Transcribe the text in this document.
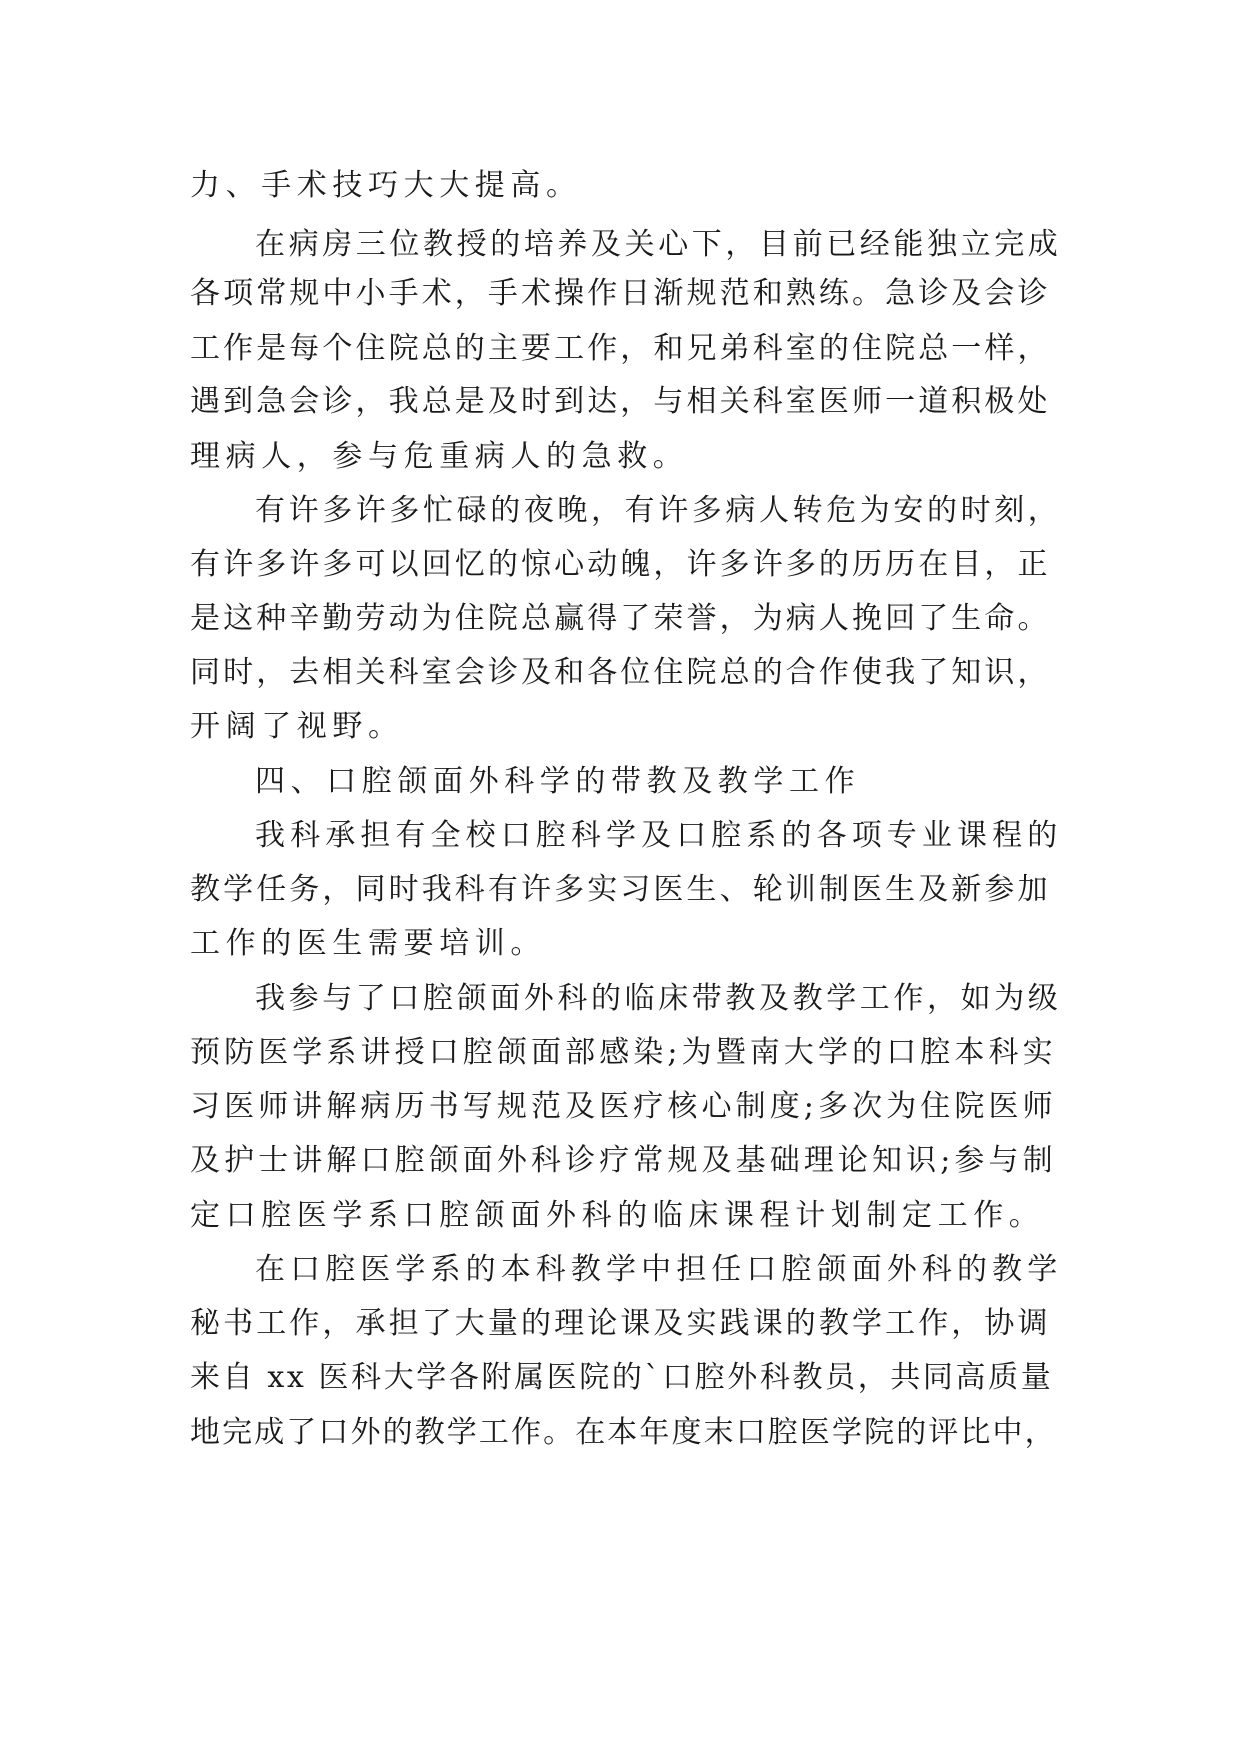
力、手术技巧大大提高。

在病房三位教授的培养及关心下，目前已经能独立完成

各项常规中小手术，手术操作日渐规范和熟练。急诊及会诊

工作是每个住院总的主要工作，和兄弟科室的住院总一样，

遇到急会诊，我总是及时到达，与相关科室医师一道积极处

理病人，参与危重病人的急救。

有许多许多忙碌的夜晚，有许多病人转危为安的时刻，

有许多许多可以回忆的惊心动魄，许多许多的历历在目，正

是这种辛勤劳动为住院总赢得了荣誉，为病人挽回了生命。

同时，去相关科室会诊及和各位住院总的合作使我了知识，

开阔了视野。

四、口腔颌面外科学的带教及教学工作

我科承担有全校口腔科学及口腔系的各项专业课程的

教学任务，同时我科有许多实习医生、轮训制医生及新参加

工作的医生需要培训。

我参与了口腔颌面外科的临床带教及教学工作，如为级

预防医学系讲授口腔颌面部感染;为暨南大学的口腔本科实

习医师讲解病历书写规范及医疗核心制度;多次为住院医师

及护士讲解口腔颌面外科诊疗常规及基础理论知识;参与制

定口腔医学系口腔颌面外科的临床课程计划制定工作。

在口腔医学系的本科教学中担任口腔颌面外科的教学

秘书工作，承担了大量的理论课及实践课的教学工作，协调

来自 xx 医科大学各附属医院的`口腔外科教员，共同高质量

地完成了口外的教学工作。在本年度末口腔医学院的评比中，
